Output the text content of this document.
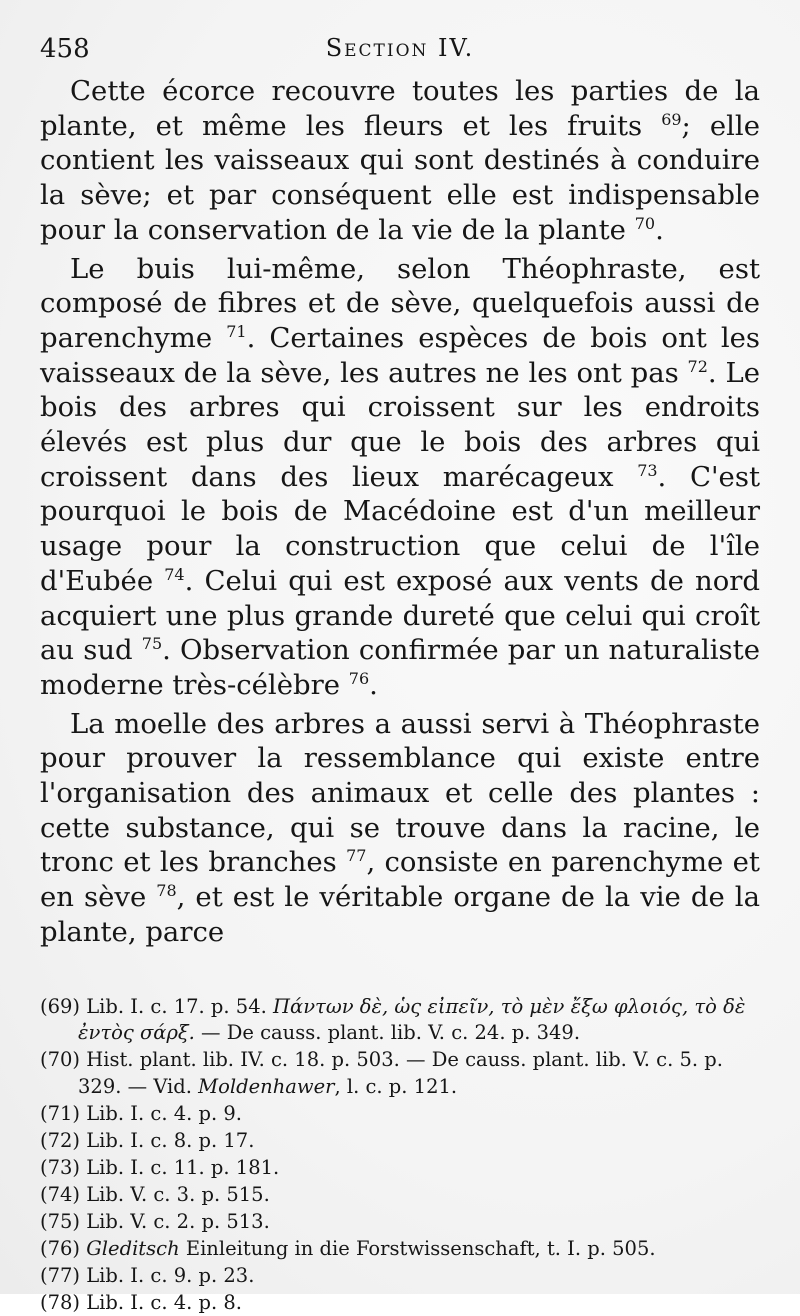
458	Section IV.

Cette écorce recouvre toutes les parties de la plante, et même les fleurs et les fruits $^{69}$; elle contient les vaisseaux qui sont destinés à conduire la sève; et par conséquent elle est indispensable pour la conservation de la vie de la plante $^{70}$.

Le buis lui-même, selon Théophraste, est composé de fibres et de sève, quelquefois aussi de parenchyme $^{71}$. Certaines espèces de bois ont les vaisseaux de la sève, les autres ne les ont pas $^{72}$. Le bois des arbres qui croissent sur les endroits élevés est plus dur que le bois des arbres qui croissent dans des lieux marécageux $^{73}$. C'est pourquoi le bois de Macédoine est d'un meilleur usage pour la construction que celui de l'île d'Eubée $^{74}$. Celui qui est exposé aux vents de nord acquiert une plus grande dureté que celui qui croît au sud $^{75}$. Observation confirmée par un naturaliste moderne très-célèbre $^{76}$.

La moelle des arbres a aussi servi à Théophraste pour prouver la ressemblance qui existe entre l'organisation des animaux et celle des plantes : cette substance, qui se trouve dans la racine, le tronc et les branches $^{77}$, consiste en parenchyme et en sève $^{78}$, et est le véritable organe de la vie de la plante, parce

(69) Lib. I. c. 17. p. 54. Πάντων δὲ, ὡς εἰπεῖν, τὸ μὲν ἔξω φλοιός, τὸ δὲ ἐντὸς σάρξ. — De causs. plant. lib. V. c. 24. p. 349.

(70) Hist. plant. lib. IV. c. 18. p. 503. — De causs. plant. lib. V. c. 5. p. 329. — Vid. Moldenhawer, l. c. p. 121.

(71) Lib. I. c. 4. p. 9.

(72) Lib. I. c. 8. p. 17.

(73) Lib. I. c. 11. p. 181.

(74) Lib. V. c. 3. p. 515.

(75) Lib. V. c. 2. p. 513.

(76) Gleditsch Einleitung in die Forstwissenschaft, t. I. p. 505.

(77) Lib. I. c. 9. p. 23.

(78) Lib. I. c. 4. p. 8.
